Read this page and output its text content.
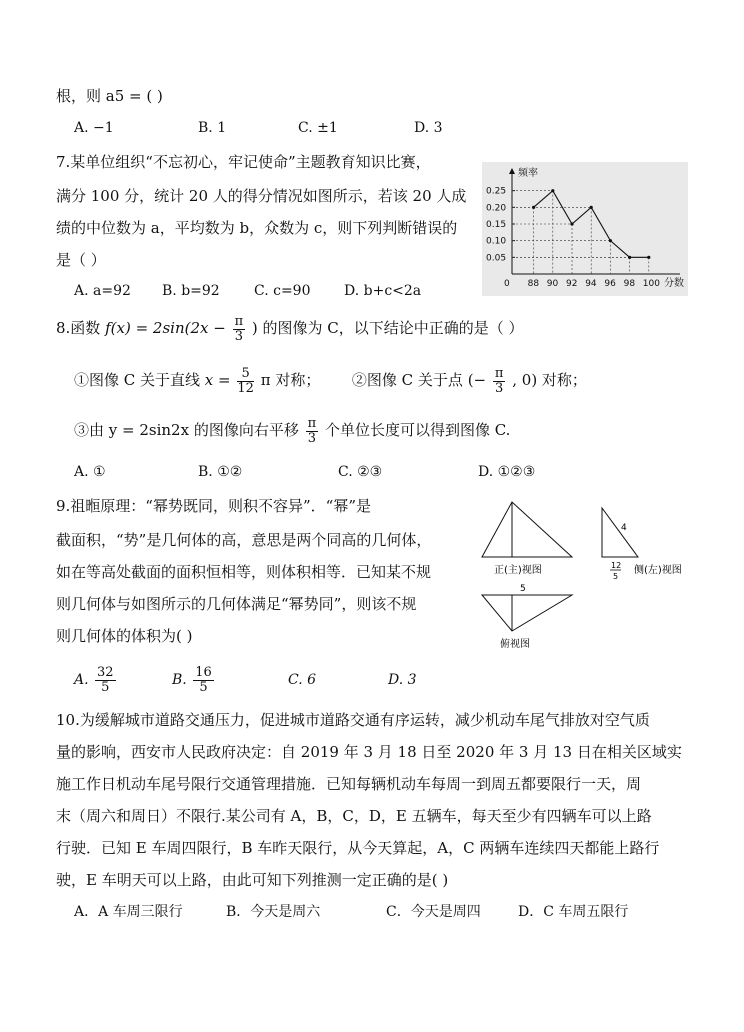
根，则 a5 = ( )
A. −1	B. 1	C. ±1	D. 3
7.某单位组织“不忘初心，牢记使命”主题教育知识比赛，
满分 100 分，统计 20 人的得分情况如图所示，若该 20 人成
绩的中位数为 a，平均数为 b，众数为 c，则下列判断错误的
是（ ）
A. a=92 B. b=92 C. c=90 D. b+c<2a
0.05
0.10
0.15
0.20
0.25
0 88 90 92 94 96 98 100 分数
频率
8.函数 $f(x) = 2\sin(2x - \frac{\pi}{3}$ ) 的图像为 C，以下结论中正确的是（ ）
①图像 C 关于直线 $x = \frac{5}{12}$ π 对称； ②图像 C 关于点 (− $\frac{\pi}{3}$ , 0) 对称；
③由 y = 2sin2x 的图像向右平移 $\frac{\pi}{3}$ 个单位长度可以得到图像 C.
A. ①	B. ①②	C. ②③	D. ①②③
9.祖暅原理：“幂势既同，则积不容异”．“幂”是
截面积，“势”是几何体的高，意思是两个同高的几何体，
如在等高处截面的面积恒相等，则体积相等．已知某不规
则几何体与如图所示的几何体满足“幂势同”，则该不规
则几何体的体积为( )
A. $\frac{32}{5}$	B. $\frac{16}{5}$	C. 6	D. 3
正(主)视图
4
12
5
侧(左)视图
5
俯视图
10.为缓解城市道路交通压力，促进城市道路交通有序运转，减少机动车尾气排放对空气质
量的影响，西安市人民政府决定：自 2019 年 3 月 18 日至 2020 年 3 月 13 日在相关区域实
施工作日机动车尾号限行交通管理措施．已知每辆机动车每周一到周五都要限行一天，周
末（周六和周日）不限行.某公司有 A，B，C，D，E 五辆车，每天至少有四辆车可以上路
行驶．已知 E 车周四限行，B 车昨天限行，从今天算起，A，C 两辆车连续四天都能上路行
驶，E 车明天可以上路，由此可知下列推测一定正确的是( )
A．A 车周三限行	B．今天是周六	C．今天是周四	D．C 车周五限行
